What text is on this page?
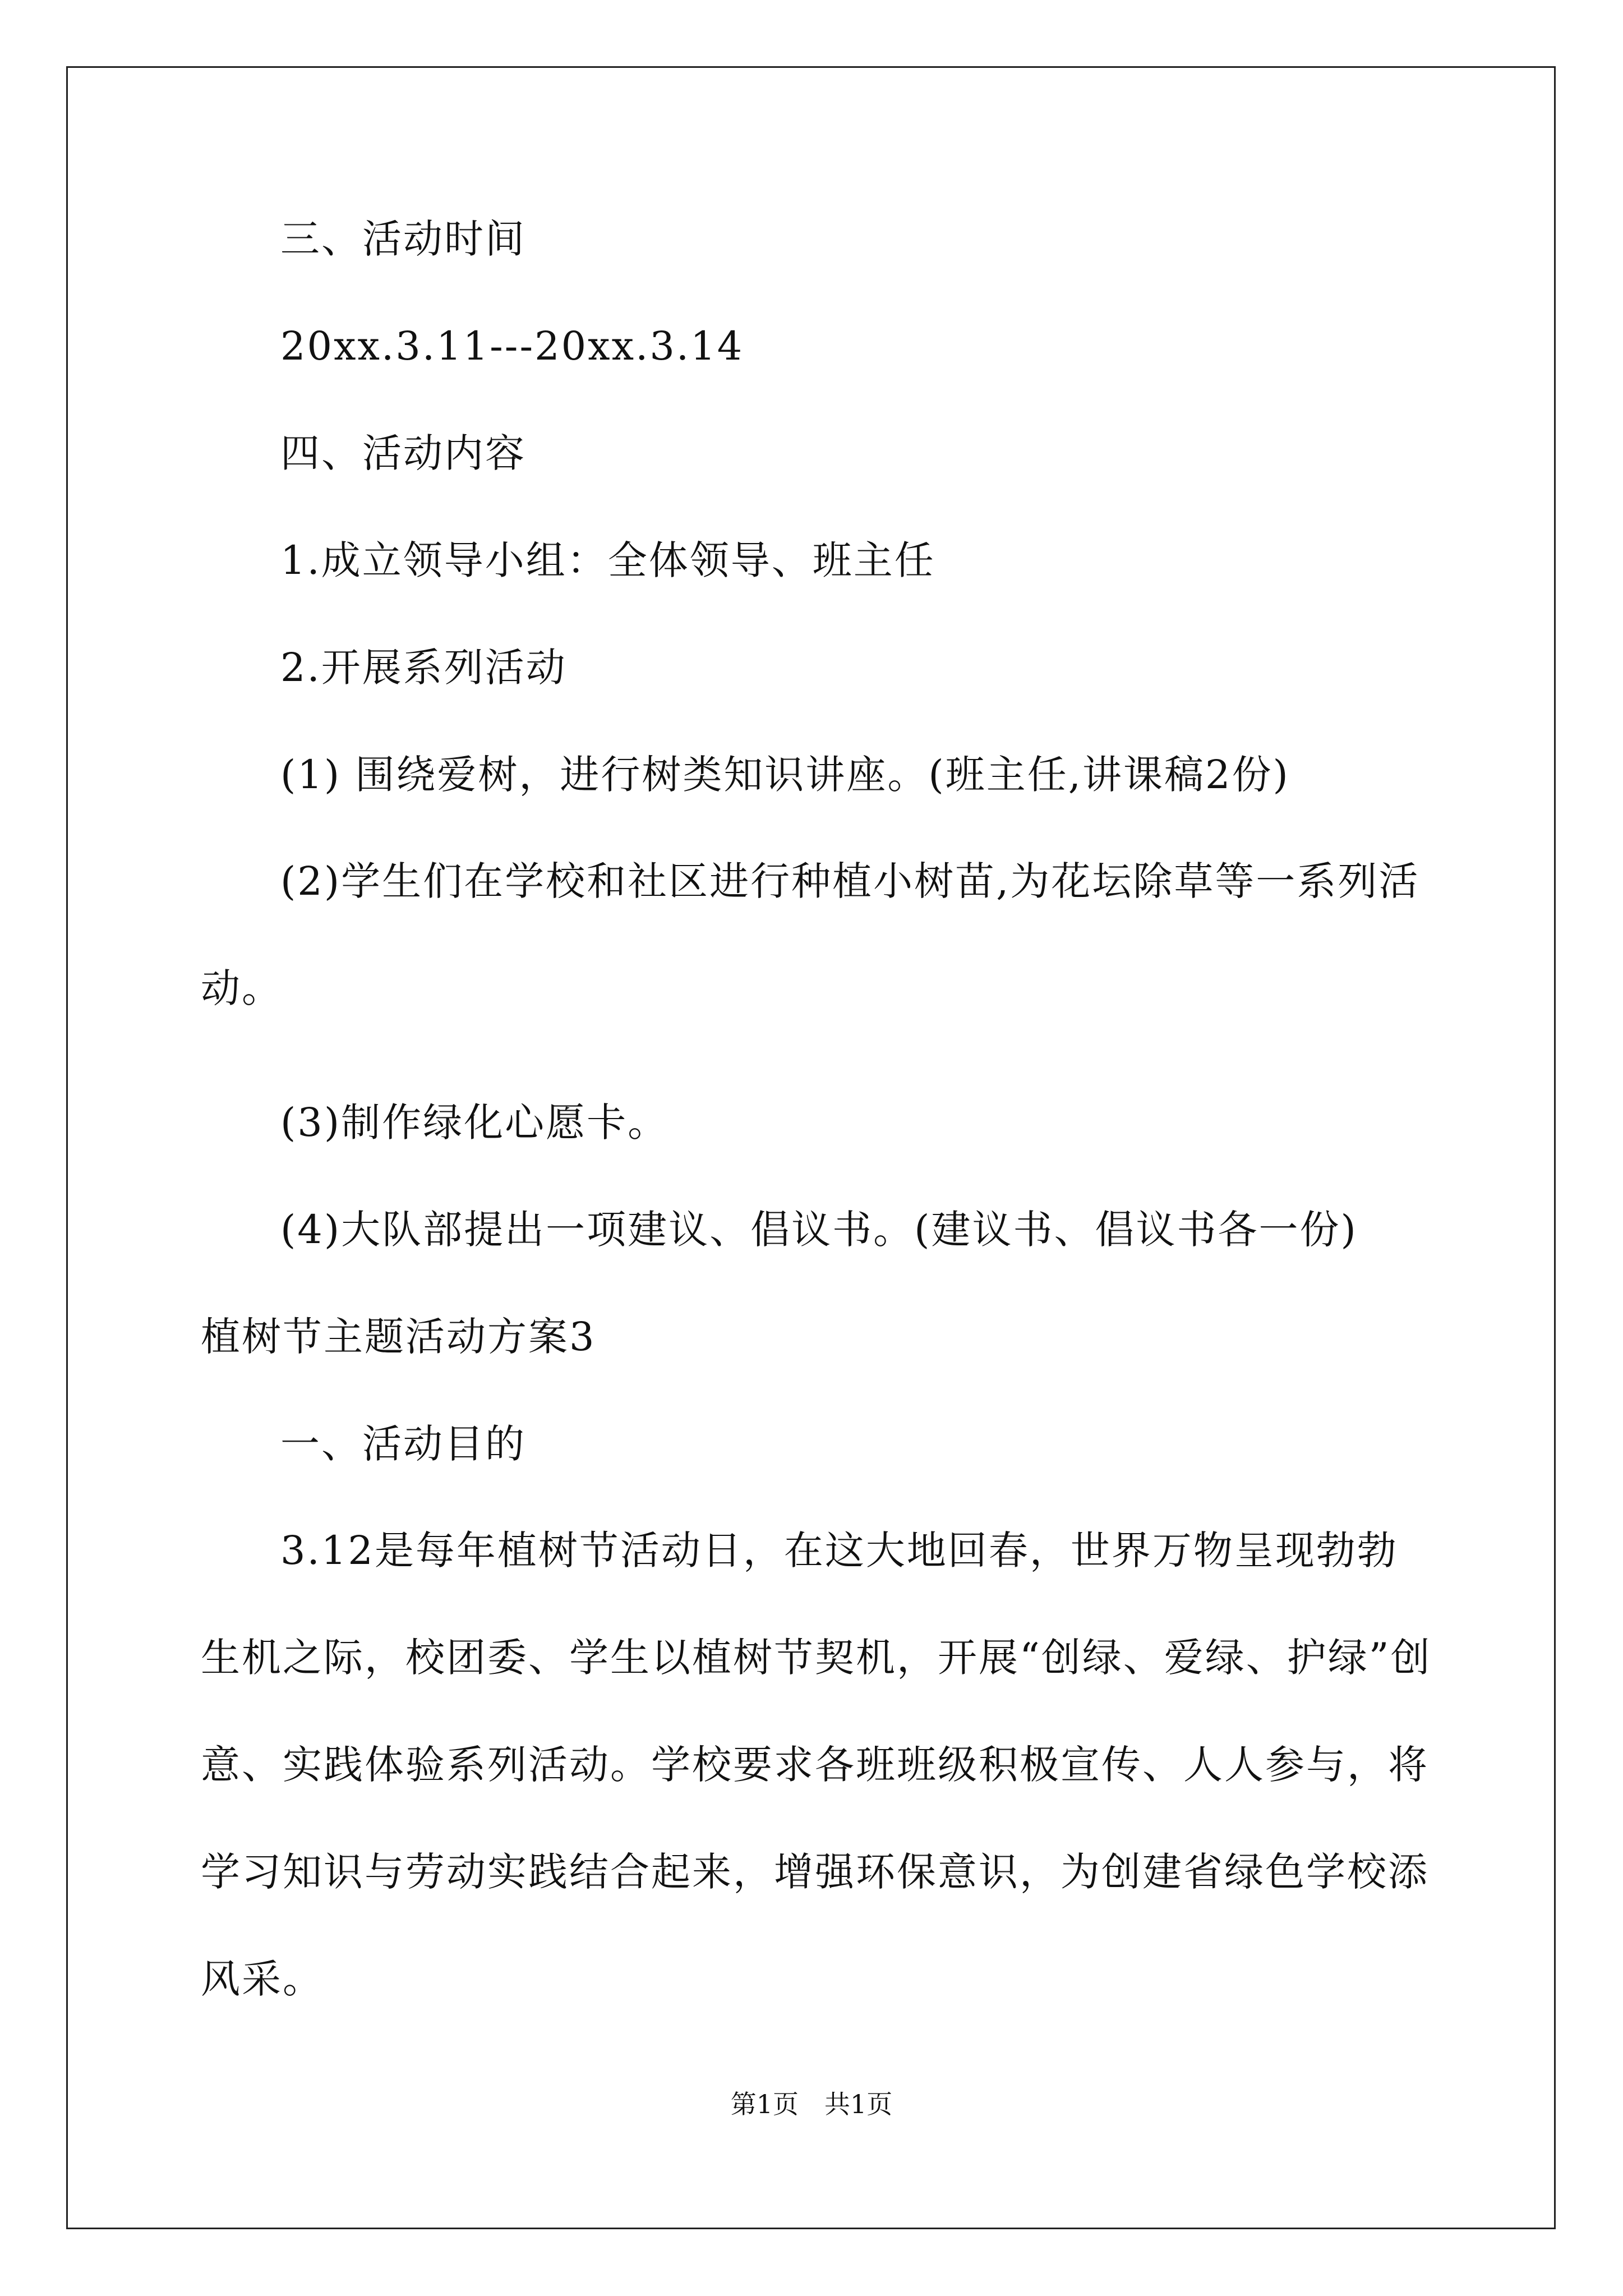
三、活动时间

20xx.3.11---20xx.3.14

四、活动内容

1.成立领导小组：全体领导、班主任

2.开展系列活动

(1) 围绕爱树，进行树类知识讲座。(班主任,讲课稿2份)

(2)学生们在学校和社区进行种植小树苗,为花坛除草等一系列活动。

(3)制作绿化心愿卡。

(4)大队部提出一项建议、倡议书。(建议书、倡议书各一份)

植树节主题活动方案3

一、活动目的

3.12是每年植树节活动日，在这大地回春，世界万物呈现勃勃生机之际，校团委、学生以植树节契机，开展“创绿、爱绿、护绿”创意、实践体验系列活动。学校要求各班班级积极宣传、人人参与，将学习知识与劳动实践结合起来，增强环保意识，为创建省绿色学校添风采。

第1页　共1页
